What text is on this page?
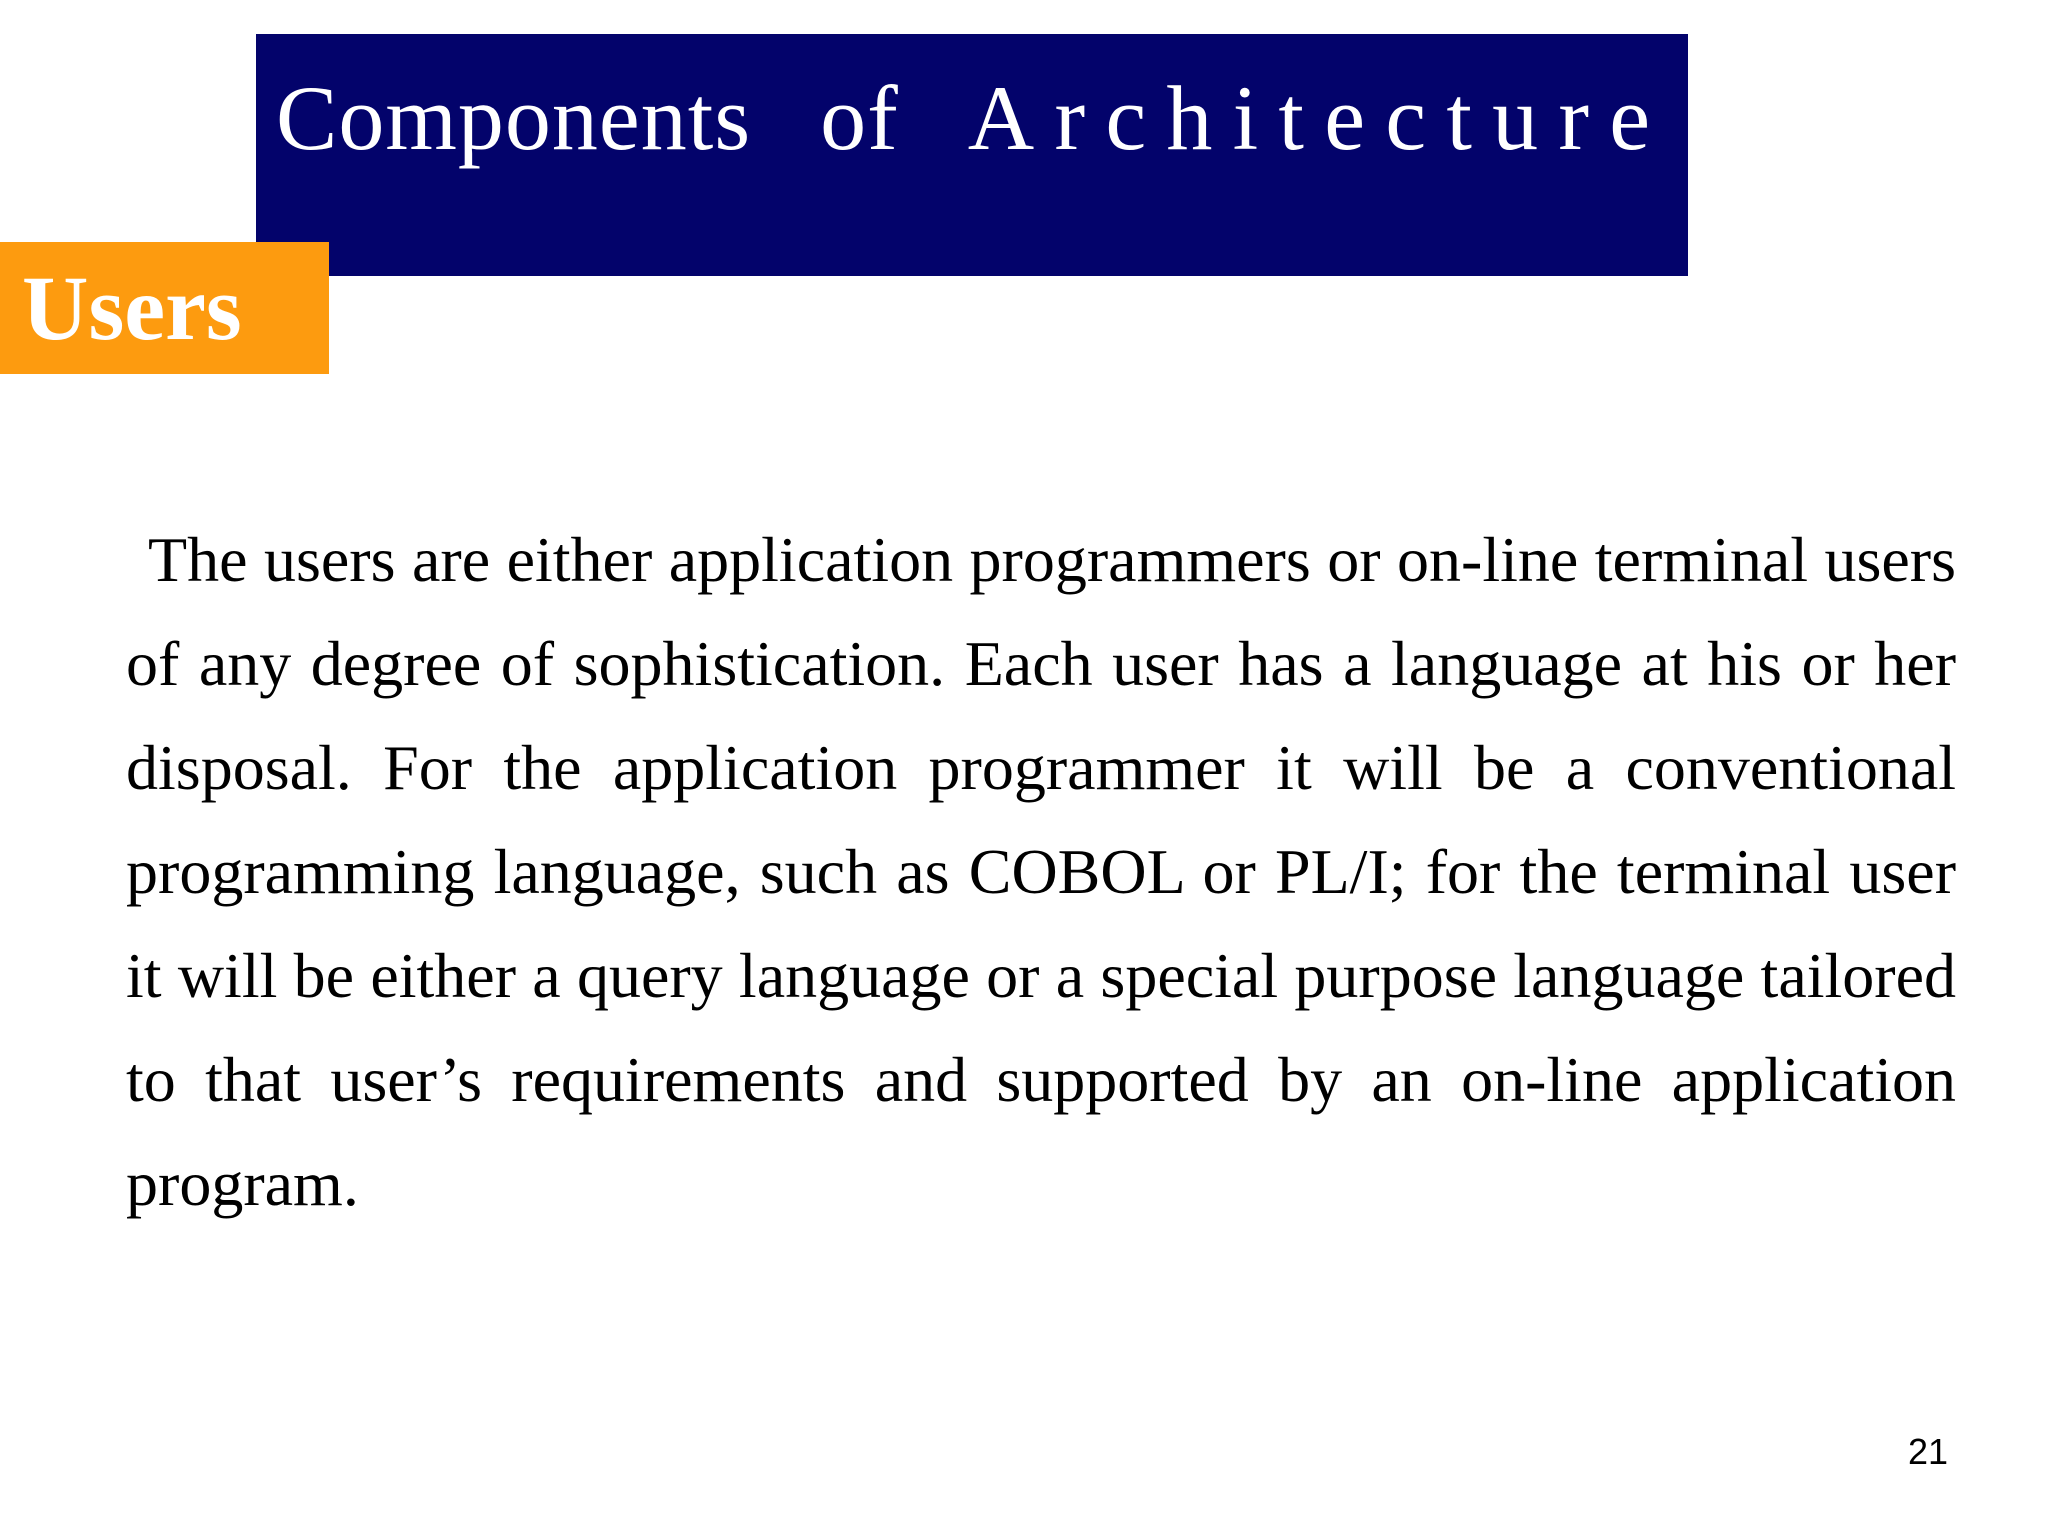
Components of Architecture
Users

The users are either application programmers or on-line terminal users of any degree of sophistication. Each user has a language at his or her disposal. For the application programmer it will be a conventional programming language, such as COBOL or PL/I; for the terminal user it will be either a query language or a special purpose language tailored to that user’s requirements and supported by an on-line application program.

21
